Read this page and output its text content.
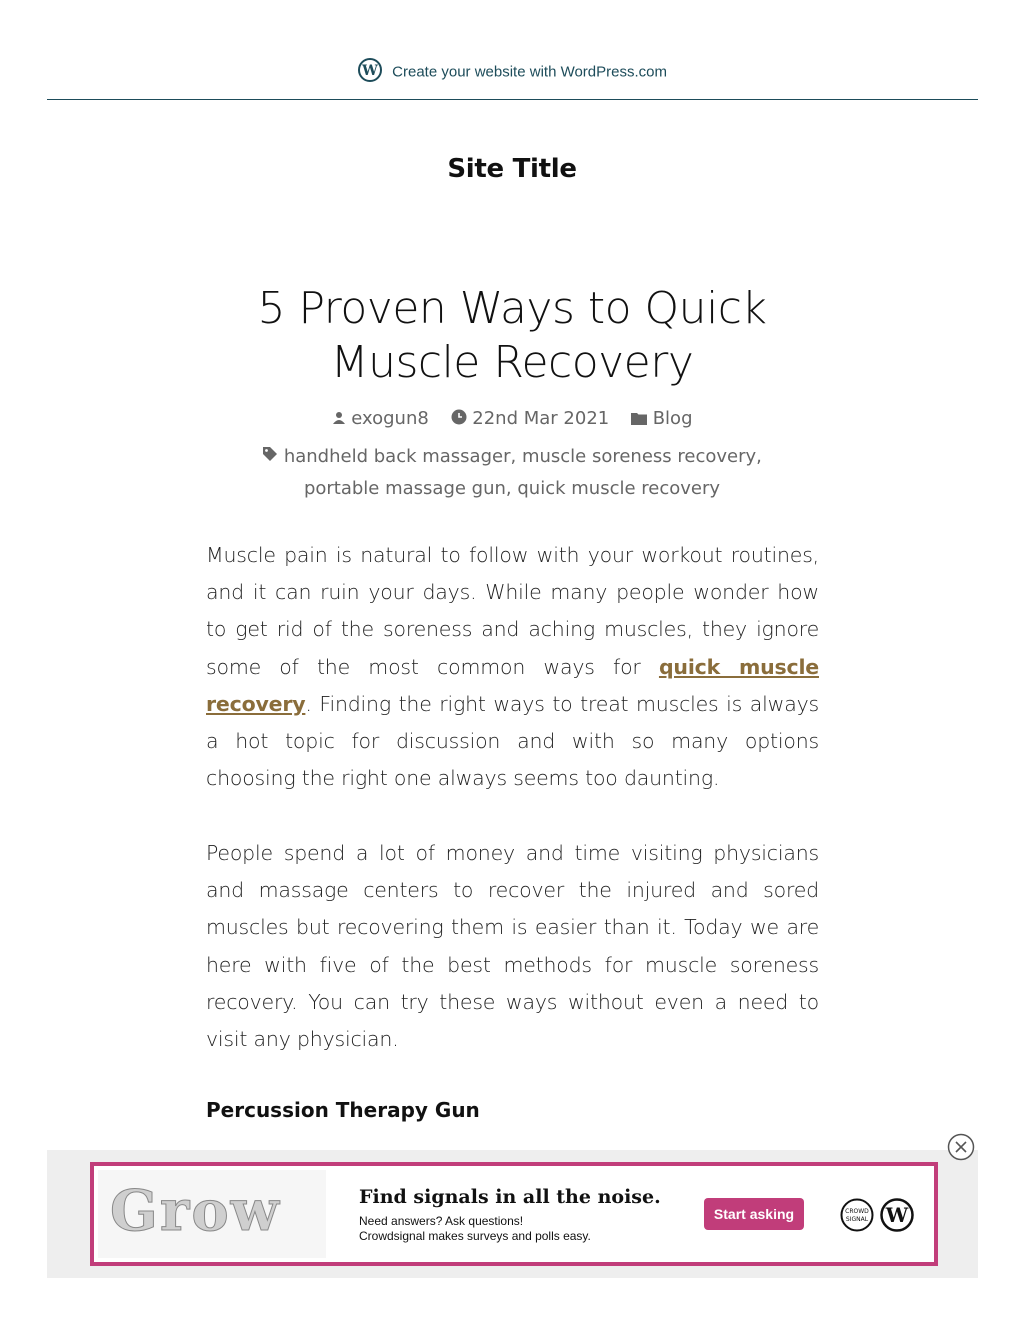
W Create your website with WordPress.com
Site Title
5 Proven Ways to Quick
Muscle Recovery
exogun8 22nd Mar 2021 Blog
handheld back massager, muscle soreness recovery,
portable massage gun, quick muscle recovery
Muscle pain is natural to follow with your workout routines, and it can ruin your days. While many people wonder how to get rid of the soreness and aching muscles, they ignore some of the most common ways for quick muscle recovery. Finding the right ways to treat muscles is always a hot topic for discussion and with so many options choosing the right one always seems too daunting.
People spend a lot of money and time visiting physicians and massage centers to recover the injured and sored muscles but recovering them is easier than it. Today we are here with five of the best methods for muscle soreness recovery. You can try these ways without even a need to visit any physician.
Percussion Therapy Gun
Grow	Find signals in all the noise.
Need answers? Ask questions!
Crowdsignal makes surveys and polls easy.
Start asking	CROWD
SIGNAL W
